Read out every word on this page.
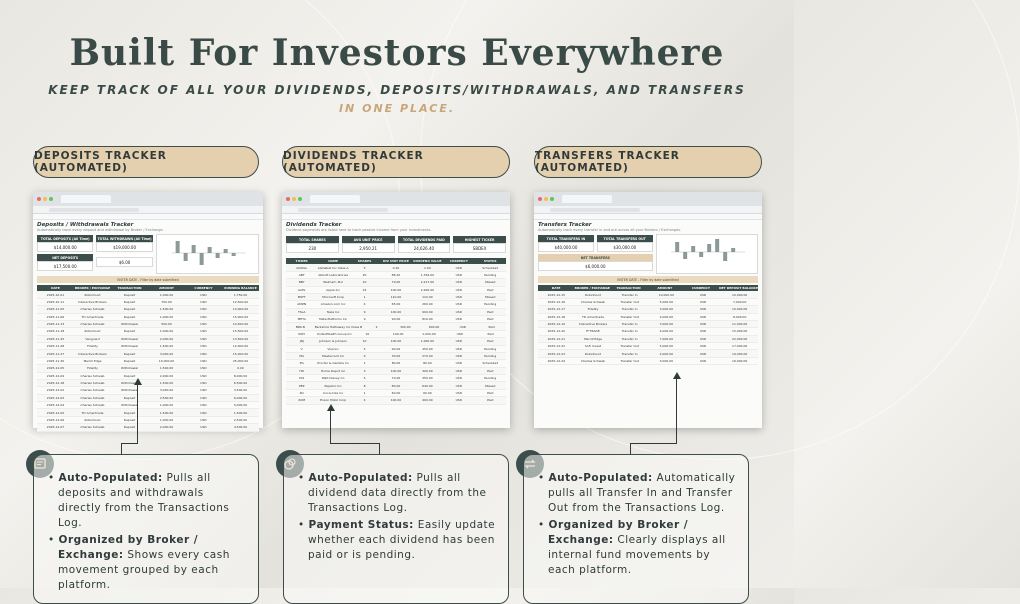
Built For Investors Everywhere
KEEP TRACK OF ALL YOUR DIVIDENDS, DEPOSITS/WITHDRAWALS, AND TRANSFERS
IN ONE PLACE.
DEPOSITS TRACKER (AUTOMATED)
DIVIDENDS TRACKER (AUTOMATED)
TRANSFERS TRACKER (AUTOMATED)
Deposits / Withdrawals Tracker
Automatically track every deposit and withdrawal by Broker / Exchange.
TOTAL DEPOSITS (All Time)
$14,000.00
TOTAL WITHDRAWN (All Time)
$19,000.00
NET DEPOSITS
$17,500.00
$6.00
ENTER DATE - Filter by date submitted
DATE	BROKER / EXCHANGE	TRANSACTION	AMOUNT	CURRENCY	RUNNING BALANCE
2025-10-01	Robinhood	Deposit	1,000.00	USD	1,750.00
2025-10-11	Interactive Brokers	Deposit	750.00	USD	12,500.00
2025-11-05	Charles Schwab	Deposit	1,500.00	USD	14,000.00
2025-11-06	TD Ameritrade	Deposit	1,000.00	USD	15,000.00
2025-11-13	Charles Schwab	Withdrawal	500.00	USD	14,500.00
2025-11-18	Robinhood	Deposit	1,000.00	USD	15,500.00
2025-11-25	Vanguard	Withdrawal	2,000.00	USD	13,500.00
2025-11-28	Fidelity	Withdrawal	1,500.00	USD	12,000.00
2025-11-27	Interactive Brokers	Deposit	3,000.00	USD	15,000.00
2025-11-30	Merrill Edge	Deposit	10,000.00	USD	25,000.00
2025-12-05	Fidelity	Withdrawal	1,500.00	USD	0.00
2025-12-09	Charles Schwab	Deposit	2,000.00	USD	8,000.00
2025-12-18	Charles Schwab	Withdrawal	1,500.00	USD	6,500.00
2025-12-02	Charles Schwab	Withdrawal	3,000.00	USD	3,500.00
2025-12-03	Charles Schwab	Deposit	2,500.00	USD	6,000.00
2025-12-04	Charles Schwab	Withdrawal	1,000.00	USD	5,000.00
2025-12-05	TD Ameritrade	Deposit	1,500.00	USD	1,500.00
2025-12-06	Robinhood	Deposit	1,000.00	USD	2,500.00
2025-12-07	Charles Schwab	Deposit	2,000.00	USD	4,500.00
Dividends Tracker
Dividend payments are listed here to track passive income from your investments.
TOTAL SHARES
230
AVG UNIT PRICE
2,950.21
TOTAL DIVIDENDS PAID
24,626.40
HIGHEST TICKER
SBDEX
TICKER	NAME	SHARES	DIV UNIT PRICE	DIVIDEND VALUE	CURRENCY	STATUS
GOOGL	Alphabet Inc Class A	5	0.20	1.00	USD	Scheduled
ABT	Abbott Laboratories	20	88.20	1,764.00	USD	Pending
BBY	Walmart, PLC	10	79.00	2,217.00	USD	Missed
AAPL	Apple Inc	22	100.00	2,200.00	USD	Paid
MSFT	Microsoft Corp	1	110.00	110.00	USD	Missed
AMZN	Amazon.com Inc	4	65.00	260.00	USD	Pending
TSLA	Tesla Inc	9	100.00	900.00	USD	Paid
META	Meta Platforms Inc	9	90.00	810.00	USD	Paid
BRK.B	Berkshire Hathaway Inc Class B	2	300.00	600.00	USD	Paid
UNH	UnitedHealth Group Inc	10	100.00	1,000.00	USD	Paid
JNJ	Johnson & Johnson	10	100.00	1,000.00	USD	Paid
V	Visa Inc	5	90.00	450.00	USD	Pending
MA	Mastercard Inc	9	30.00	270.00	USD	Pending
PG	Procter & Gamble Co	1	80.00	80.00	USD	Scheduled
HD	Home Depot Inc	3	100.00	300.00	USD	Paid
DIS	Walt Disney Co	5	70.00	350.00	USD	Pending
PEP	PepsiCo Inc	8	80.00	640.00	USD	Missed
KO	Coca-Cola Co	1	60.00	60.00	USD	Paid
XOM	Exxon Mobil Corp	4	100.00	400.00	USD	Paid
Transfers Tracker
Automatically track every transfer in and out across all your Brokers / Exchanges.
TOTAL TRANSFERS IN
$40,000.00
TOTAL TRANSFERS OUT
$30,000.00
NET TRANSFERS
$6,000.00
ENTER DATE - Filter by date submitted
DATE	BROKER / EXCHANGE	TRANSACTION	AMOUNT	CURRENCY	NET DEPOSIT BALANCE
2025-12-15	Robinhood	Transfer In	10,000.00	USD	10,000.00
2025-12-16	Charles Schwab	Transfer Out	5,000.00	USD	7,000.00
2025-12-17	Fidelity	Transfer In	3,000.00	USD	10,000.00
2025-12-18	TD Ameritrade	Transfer Out	2,000.00	USD	8,000.00
2025-12-19	Interactive Brokers	Transfer In	3,000.00	USD	11,000.00
2025-12-20	E*TRADE	Transfer In	4,000.00	USD	15,000.00
2025-12-21	Merrill Edge	Transfer In	7,000.00	USD	22,000.00
2025-12-22	SoFi Invest	Transfer Out	5,000.00	USD	17,000.00
2025-12-23	Robinhood	Transfer In	2,000.00	USD	19,000.00
2025-12-24	Charles Schwab	Transfer Out	3,000.00	USD	16,000.00
• Auto-Populated: Pulls all deposits and withdrawals directly from the Transactions Log.
• Organized by Broker / Exchange: Shows every cash movement grouped by each platform.
• Auto-Populated: Pulls all dividend data directly from the Transactions Log.
• Payment Status: Easily update whether each dividend has been paid or is pending.
• Auto-Populated: Automatically pulls all Transfer In and Transfer Out from the Transactions Log.
• Organized by Broker / Exchange: Clearly displays all internal fund movements by each platform.
